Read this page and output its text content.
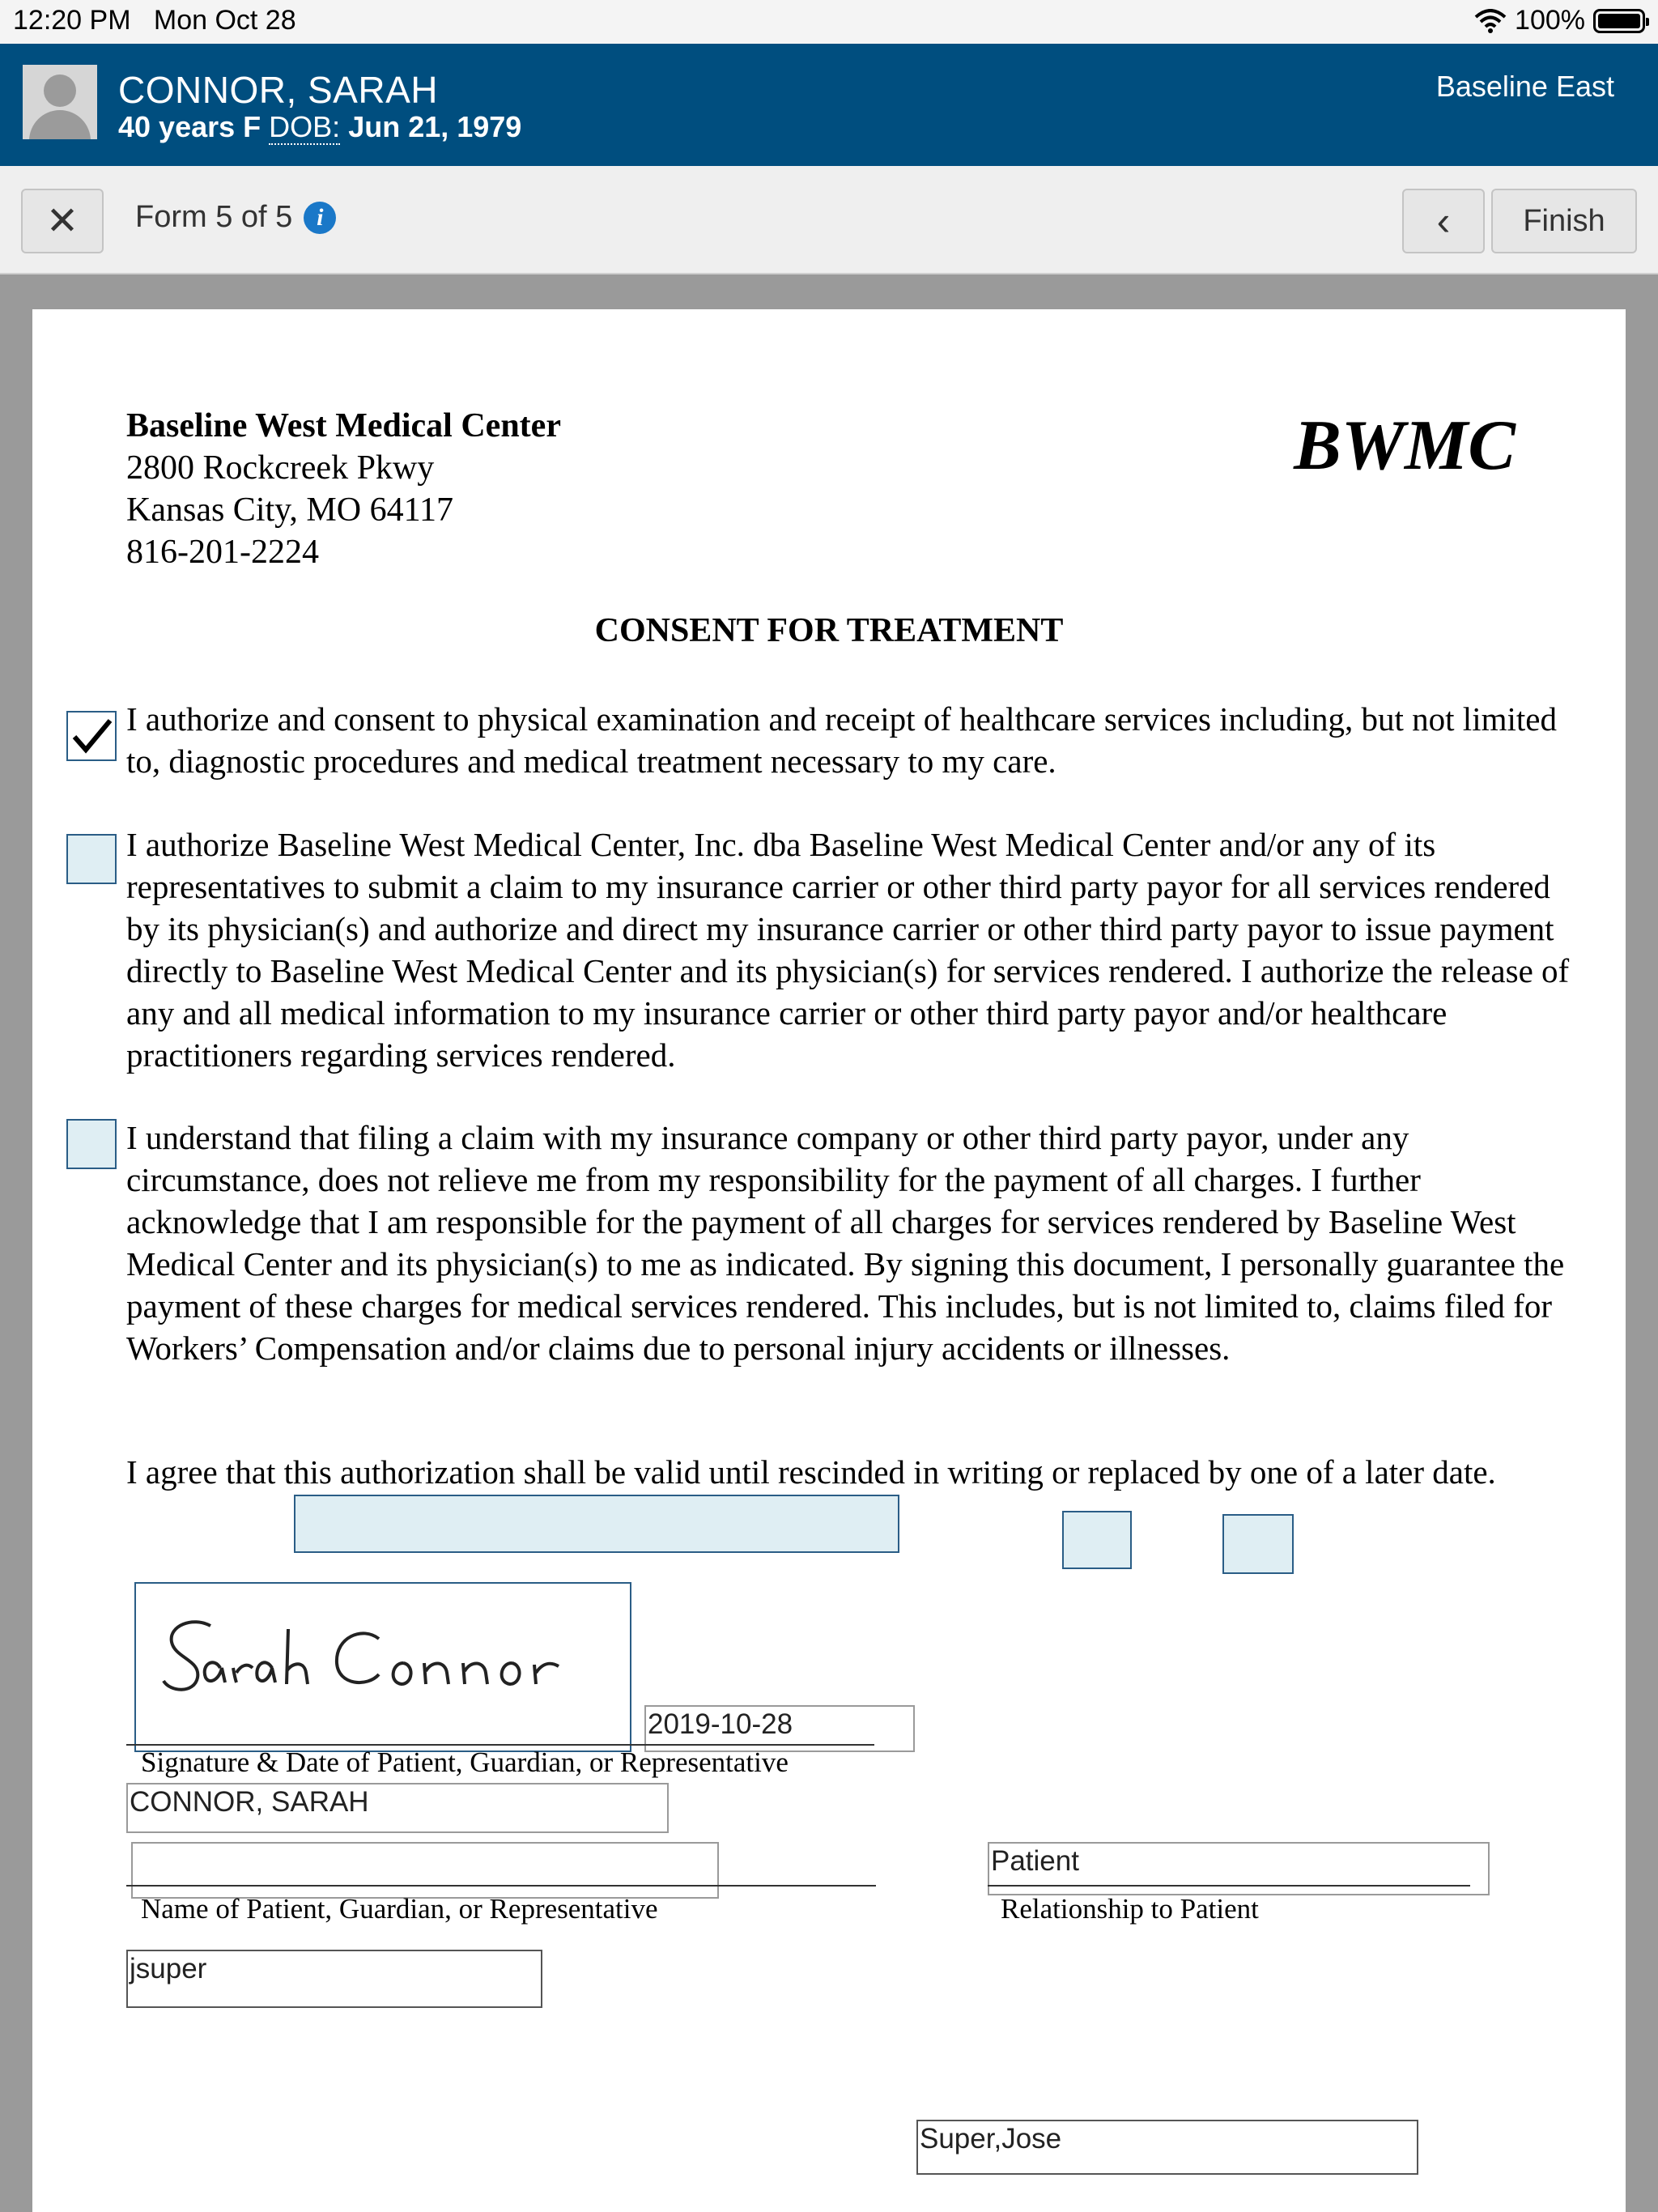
12:20 PM Mon Oct 28	100%
CONNOR, SARAH
40 years F DOB: Jun 21, 1979
Baseline East
✕ Form 5 of 5 i	‹	Finish
Baseline West Medical Center
2800 Rockcreek Pkwy
Kansas City, MO 64117
816-201-2224
BWMC
CONSENT FOR TREATMENT
I authorize and consent to physical examination and receipt of healthcare services including, but not limited to, diagnostic procedures and medical treatment necessary to my care.
I authorize Baseline West Medical Center, Inc. dba Baseline West Medical Center and/or any of its representatives to submit a claim to my insurance carrier or other third party payor for all services rendered by its physician(s) and authorize and direct my insurance carrier or other third party payor to issue payment directly to Baseline West Medical Center and its physician(s) for services rendered. I authorize the release of any and all medical information to my insurance carrier or other third party payor and/or healthcare practitioners regarding services rendered.
I understand that filing a claim with my insurance company or other third party payor, under any circumstance, does not relieve me from my responsibility for the payment of all charges. I further acknowledge that I am responsible for the payment of all charges for services rendered by Baseline West Medical Center and its physician(s) to me as indicated. By signing this document, I personally guarantee the payment of these charges for medical services rendered. This includes, but is not limited to, claims filed for Workers’ Compensation and/or claims due to personal injury accidents or illnesses.
I agree that this authorization shall be valid until rescinded in writing or replaced by one of a later date.
2019-10-28
Signature & Date of Patient, Guardian, or Representative
CONNOR, SARAH
Name of Patient, Guardian, or Representative
Patient
Relationship to Patient
jsuper
Super,Jose
